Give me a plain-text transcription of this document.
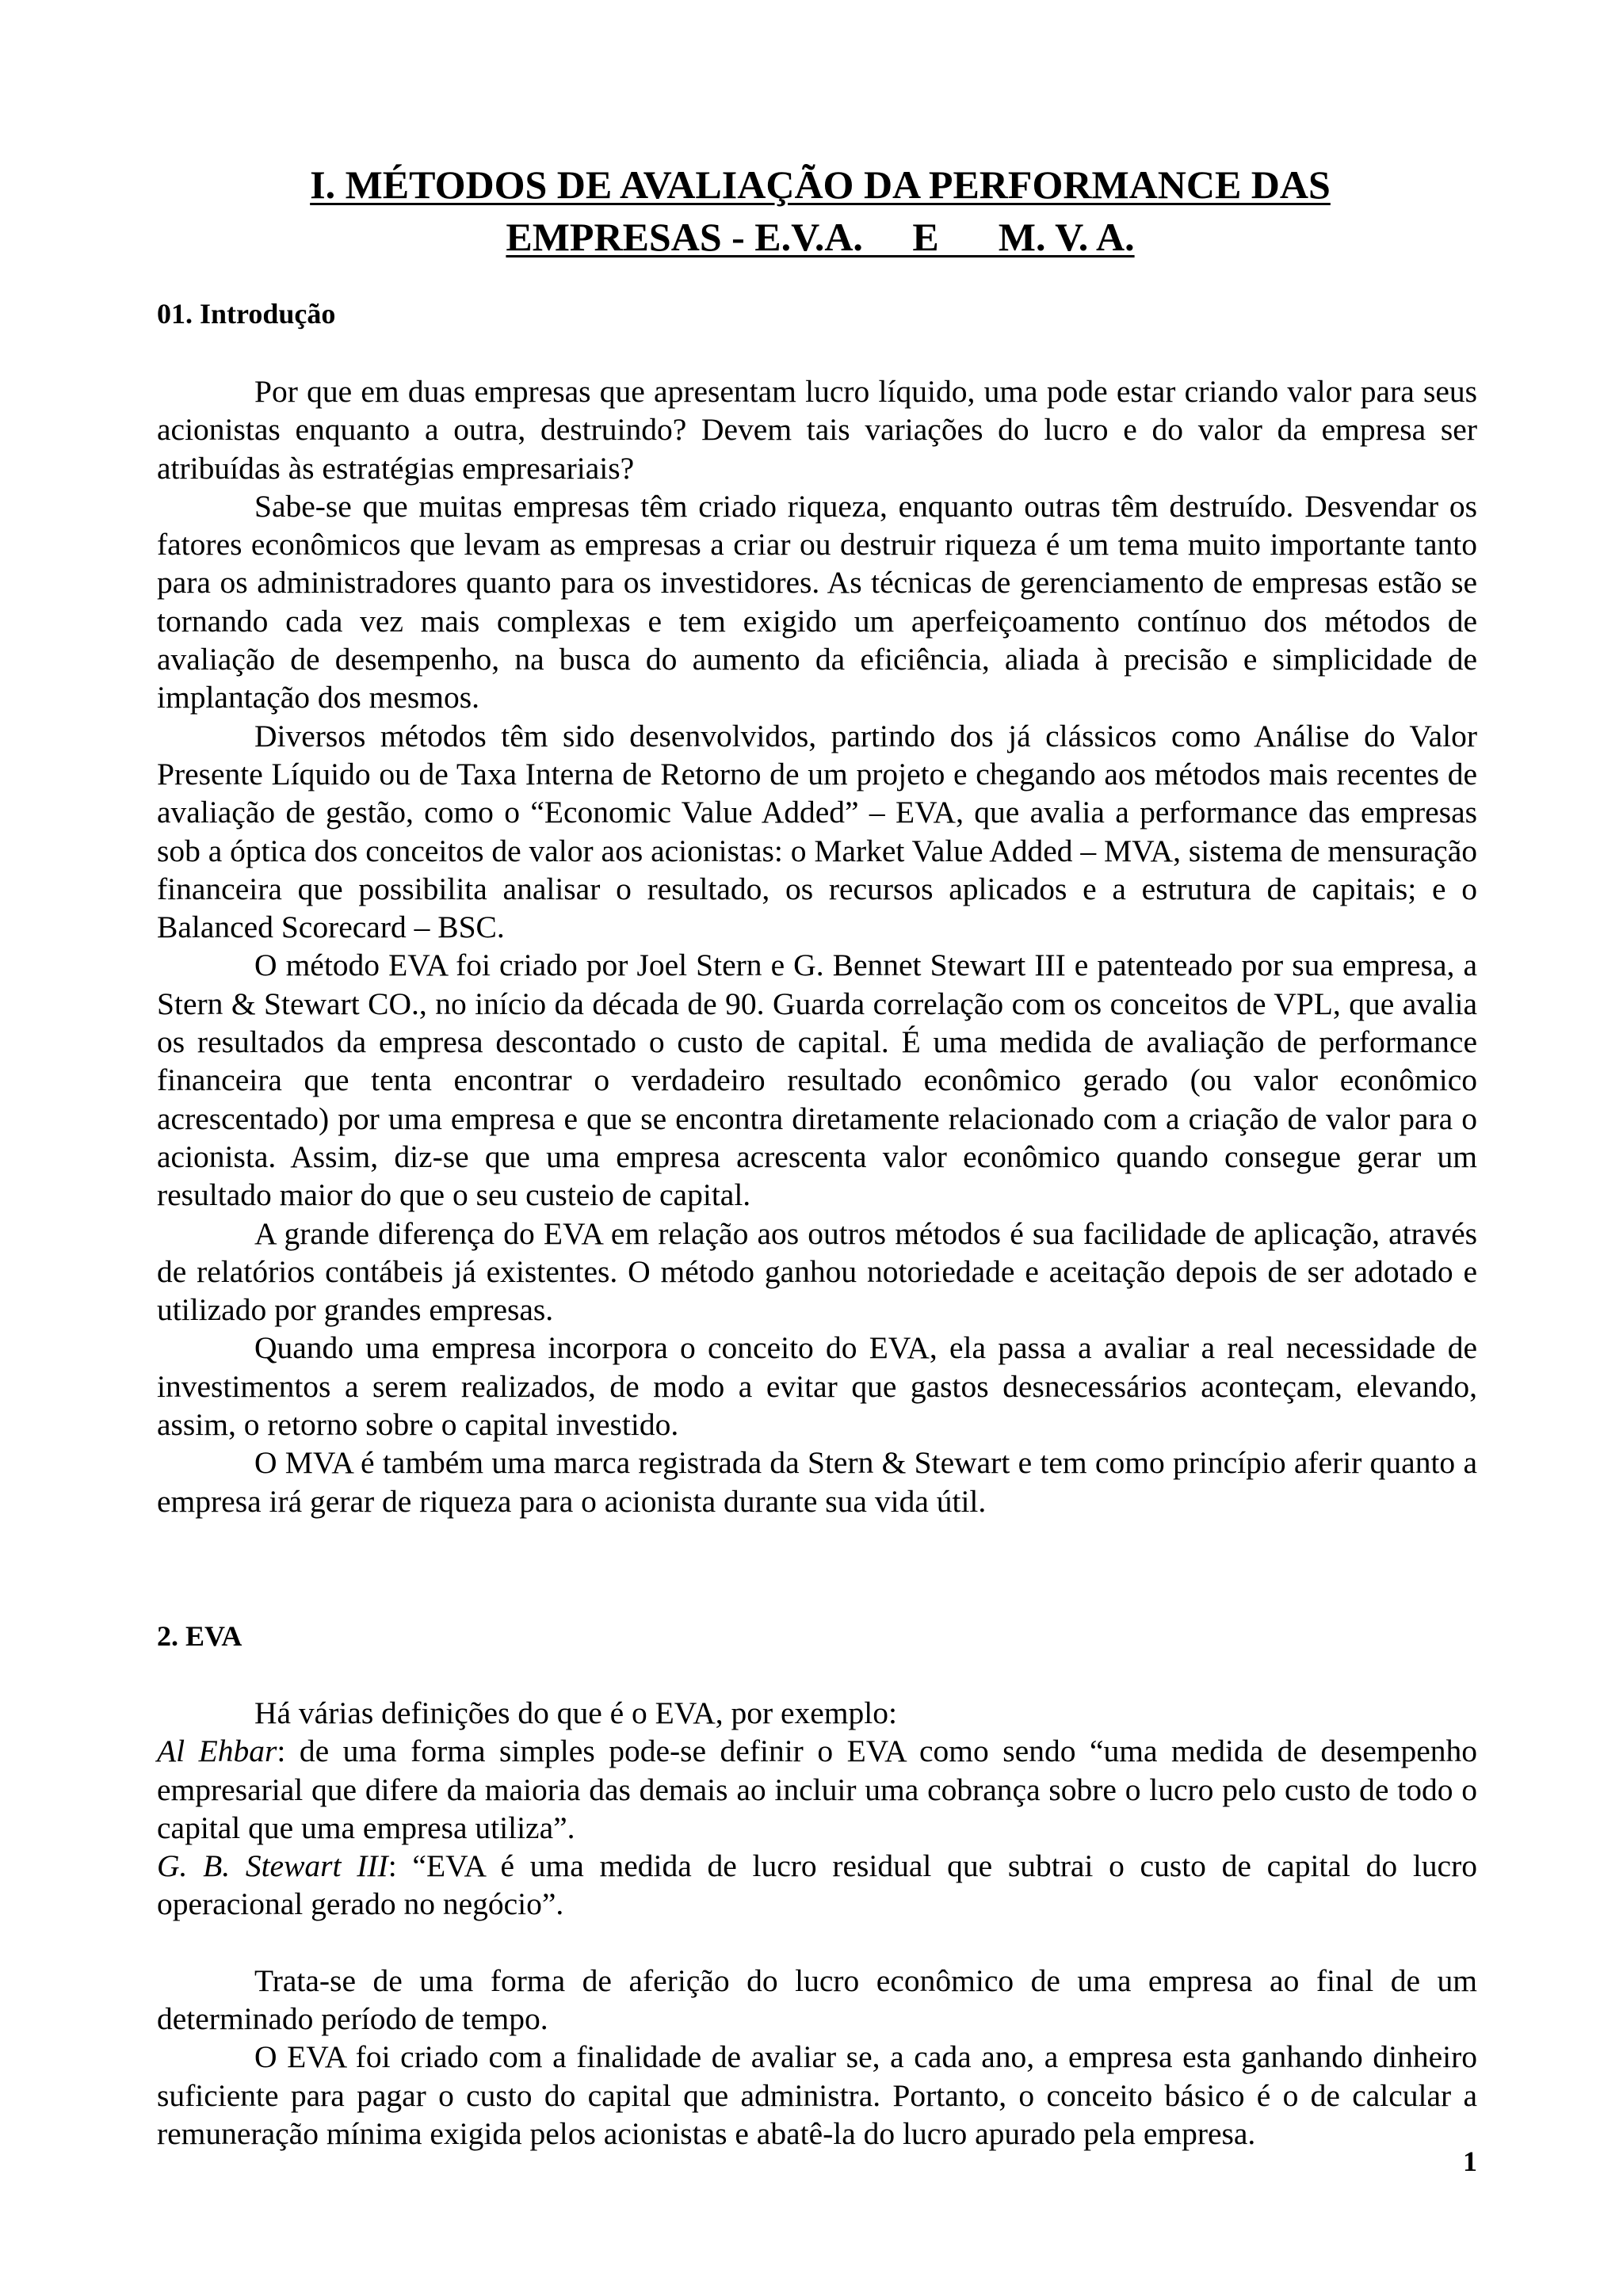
I. MÉTODOS DE AVALIAÇÃO DA PERFORMANCE DAS
EMPRESAS - E.V.A.     E      M. V. A.
01. Introdução

Por que em duas empresas que apresentam lucro líquido, uma pode estar criando valor para seus acionistas enquanto a outra, destruindo? Devem tais variações do lucro e do valor da empresa ser atribuídas às estratégias empresariais?

Sabe-se que muitas empresas têm criado riqueza, enquanto outras têm destruído. Desvendar os fatores econômicos que levam as empresas a criar ou destruir riqueza é um tema muito importante tanto para os administradores quanto para os investidores. As técnicas de gerenciamento de empresas estão se tornando cada vez mais complexas e tem exigido um aperfeiçoamento contínuo dos métodos de avaliação de desempenho, na busca do aumento da eficiência, aliada à precisão e simplicidade de implantação dos mesmos.

Diversos métodos têm sido desenvolvidos, partindo dos já clássicos como Análise do Valor Presente Líquido ou de Taxa Interna de Retorno de um projeto e chegando aos métodos mais recentes de avaliação de gestão, como o “Economic Value Added” – EVA, que avalia a performance das empresas sob a óptica dos conceitos de valor aos acionistas: o Market Value Added – MVA, sistema de mensuração financeira que possibilita analisar o resultado, os recursos aplicados e a estrutura de capitais; e o Balanced Scorecard – BSC.

O método EVA foi criado por Joel Stern e G. Bennet Stewart III e patenteado por sua empresa, a Stern & Stewart CO., no início da década de 90. Guarda correlação com os conceitos de VPL, que avalia os resultados da empresa descontado o custo de capital. É uma medida de avaliação de performance financeira que tenta encontrar o verdadeiro resultado econômico gerado (ou valor econômico acrescentado) por uma empresa e que se encontra diretamente relacionado com a criação de valor para o acionista. Assim, diz-se que uma empresa acrescenta valor econômico quando consegue gerar um resultado maior do que o seu custeio de capital.

A grande diferença do EVA em relação aos outros métodos é sua facilidade de aplicação, através de relatórios contábeis já existentes. O método ganhou notoriedade e aceitação depois de ser adotado e utilizado por grandes empresas.

Quando uma empresa incorpora o conceito do EVA, ela passa a avaliar a real necessidade de investimentos a serem realizados, de modo a evitar que gastos desnecessários aconteçam, elevando, assim, o retorno sobre o capital investido.

O MVA é também uma marca registrada da Stern & Stewart e tem como princípio aferir quanto a empresa irá gerar de riqueza para o acionista durante sua vida útil.

2. EVA

Há várias definições do que é o EVA, por exemplo:

Al Ehbar: de uma forma simples pode-se definir o EVA como sendo “uma medida de desempenho empresarial que difere da maioria das demais ao incluir uma cobrança sobre o lucro pelo custo de todo o capital que uma empresa utiliza”.

G. B. Stewart III: “EVA é uma medida de lucro residual que subtrai o custo de capital do lucro operacional gerado no negócio”.

Trata-se de uma forma de aferição do lucro econômico de uma empresa ao final de um determinado período de tempo.

O EVA foi criado com a finalidade de avaliar se, a cada ano, a empresa esta ganhando dinheiro suficiente para pagar o custo do capital que administra. Portanto, o conceito básico é o de calcular a remuneração mínima exigida pelos acionistas e abatê-la do lucro apurado pela empresa.

1
